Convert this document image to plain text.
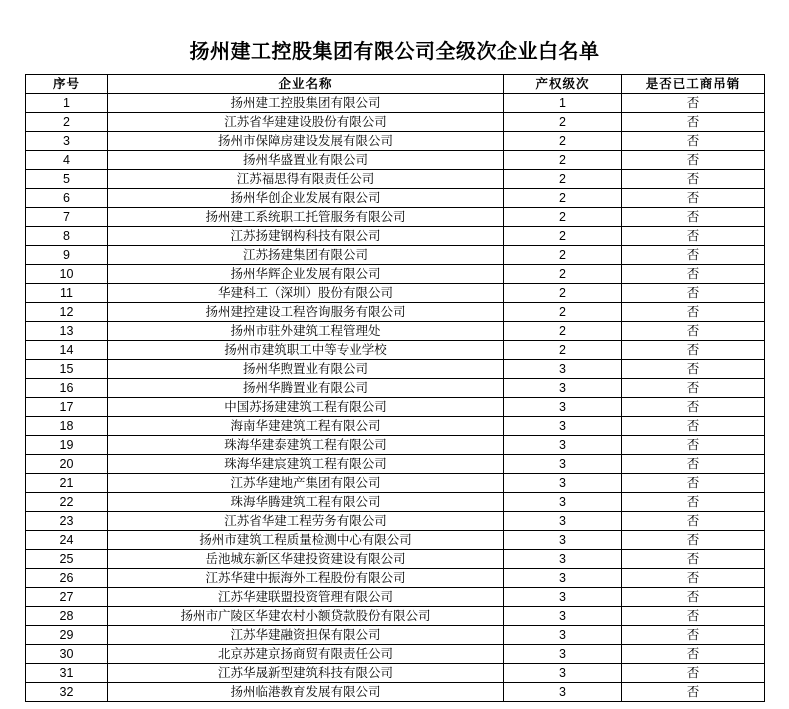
扬州建工控股集团有限公司全级次企业白名单
序号	企业名称	产权级次	是否已工商吊销
1	扬州建工控股集团有限公司	1	否
2	江苏省华建建设股份有限公司	2	否
3	扬州市保障房建设发展有限公司	2	否
4	扬州华盛置业有限公司	2	否
5	江苏福思得有限责任公司	2	否
6	扬州华创企业发展有限公司	2	否
7	扬州建工系统职工托管服务有限公司	2	否
8	江苏扬建钢构科技有限公司	2	否
9	江苏扬建集团有限公司	2	否
10	扬州华辉企业发展有限公司	2	否
11	华建科工（深圳）股份有限公司	2	否
12	扬州建控建设工程咨询服务有限公司	2	否
13	扬州市驻外建筑工程管理处	2	否
14	扬州市建筑职工中等专业学校	2	否
15	扬州华煦置业有限公司	3	否
16	扬州华腾置业有限公司	3	否
17	中国苏扬建建筑工程有限公司	3	否
18	海南华建建筑工程有限公司	3	否
19	珠海华建泰建筑工程有限公司	3	否
20	珠海华建宸建筑工程有限公司	3	否
21	江苏华建地产集团有限公司	3	否
22	珠海华腾建筑工程有限公司	3	否
23	江苏省华建工程劳务有限公司	3	否
24	扬州市建筑工程质量检测中心有限公司	3	否
25	岳池城东新区华建投资建设有限公司	3	否
26	江苏华建中振海外工程股份有限公司	3	否
27	江苏华建联盟投资管理有限公司	3	否
28	扬州市广陵区华建农村小额贷款股份有限公司	3	否
29	江苏华建融资担保有限公司	3	否
30	北京苏建京扬商贸有限责任公司	3	否
31	江苏华晟新型建筑科技有限公司	3	否
32	扬州临港教育发展有限公司	3	否
